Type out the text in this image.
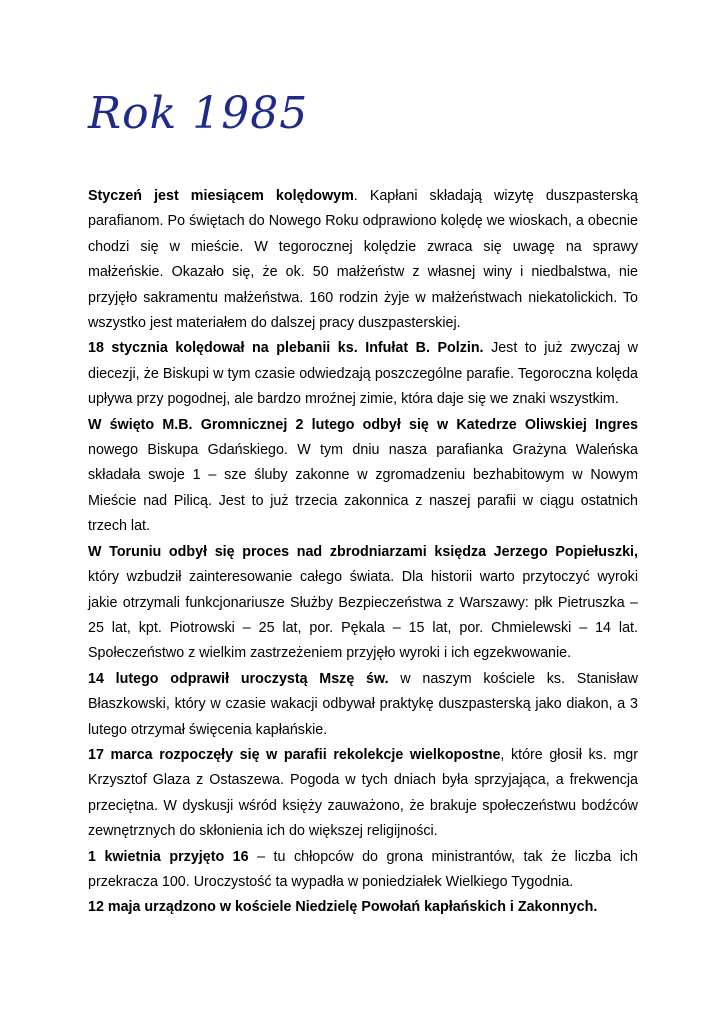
Rok 1985

Styczeń jest miesiącem kolędowym. Kapłani składają wizytę duszpasterską parafianom. Po świętach do Nowego Roku odprawiono kolędę we wioskach, a obecnie chodzi się w mieście. W tegorocznej kolędzie zwraca się uwagę na sprawy małżeńskie. Okazało się, że ok. 50 małżeństw z własnej winy i niedbalstwa, nie przyjęło sakramentu małżeństwa. 160 rodzin żyje w małżeństwach niekatolickich. To wszystko jest materiałem do dalszej pracy duszpasterskiej.

18 stycznia kolędował na plebanii ks. Infułat B. Polzin. Jest to już zwyczaj w diecezji, że Biskupi w tym czasie odwiedzają poszczególne parafie. Tegoroczna kolęda upływa przy pogodnej, ale bardzo mroźnej zimie, która daje się we znaki wszystkim.

W święto M.B. Gromnicznej 2 lutego odbył się w Katedrze Oliwskiej Ingres nowego Biskupa Gdańskiego. W tym dniu nasza parafianka Grażyna Waleńska składała swoje 1 – sze śluby zakonne w zgromadzeniu bezhabitowym w Nowym Mieście nad Pilicą. Jest to już trzecia zakonnica z naszej parafii w ciągu ostatnich trzech lat.

W Toruniu odbył się proces nad zbrodniarzami księdza Jerzego Popiełuszki, który wzbudził zainteresowanie całego świata. Dla historii warto przytoczyć wyroki jakie otrzymali funkcjonariusze Służby Bezpieczeństwa z Warszawy: płk Pietruszka – 25 lat, kpt. Piotrowski – 25 lat, por. Pękala – 15 lat, por. Chmielewski – 14 lat. Społeczeństwo z wielkim zastrzeżeniem przyjęło wyroki i ich egzekwowanie.

14 lutego odprawił uroczystą Mszę św. w naszym kościele ks. Stanisław Błaszkowski, który w czasie wakacji odbywał praktykę duszpasterską jako diakon, a 3 lutego otrzymał święcenia kapłańskie.

17 marca rozpoczęły się w parafii rekolekcje wielkopostne, które głosił ks. mgr Krzysztof Glaza z Ostaszewa. Pogoda w tych dniach była sprzyjająca, a frekwencja przeciętna. W dyskusji wśród księży zauważono, że brakuje społeczeństwu bodźców zewnętrznych do skłonienia ich do większej religijności.

1 kwietnia przyjęto 16 – tu chłopców do grona ministrantów, tak że liczba ich przekracza 100. Uroczystość ta wypadła w poniedziałek Wielkiego Tygodnia.

12 maja urządzono w kościele Niedzielę Powołań kapłańskich i Zakonnych.
